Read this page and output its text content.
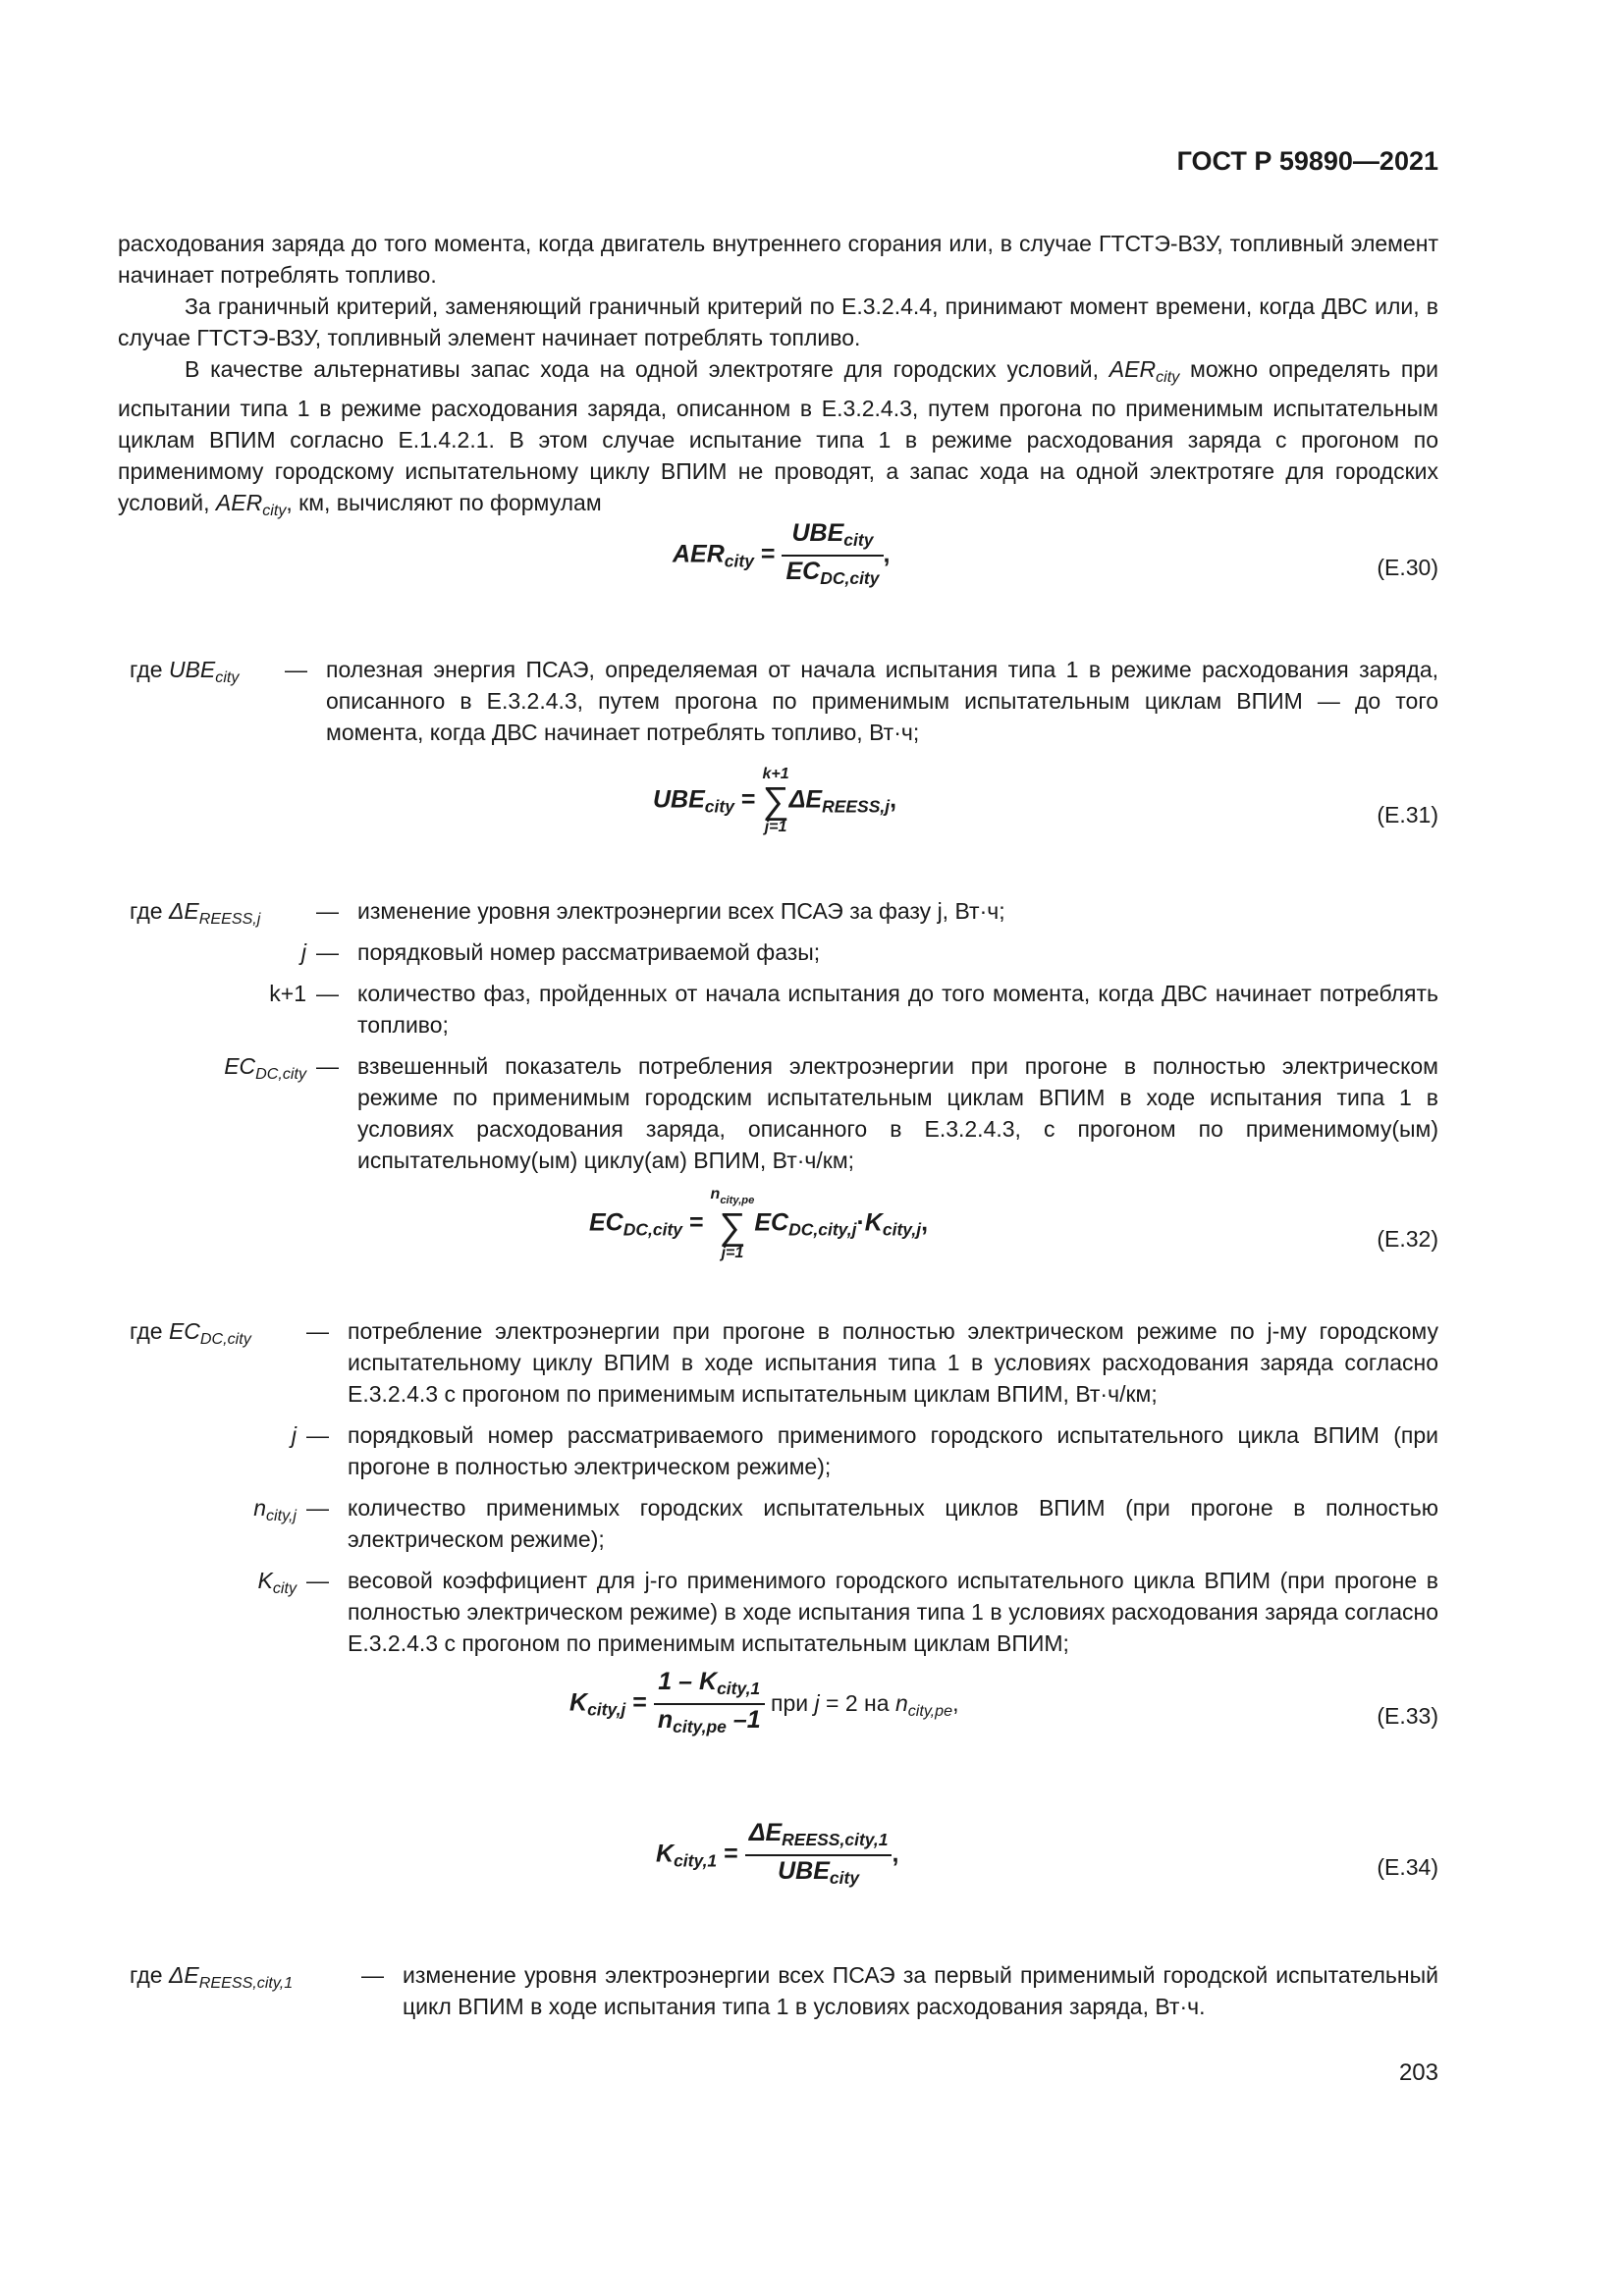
ГОСТ Р 59890—2021

расходования заряда до того момента, когда двигатель внутреннего сгорания или, в случае ГТСТЭ-ВЗУ, топливный элемент начинает потреблять топливо.

За граничный критерий, заменяющий граничный критерий по Е.3.2.4.4, принимают момент времени, когда ДВС или, в случае ГТСТЭ-ВЗУ, топливный элемент начинает потреблять топливо.

В качестве альтернативы запас хода на одной электротяге для городских условий, $AER_{city}$ можно определять при испытании типа 1 в режиме расходования заряда, описанном в Е.3.2.4.3, путем прогона по применимым испытательным циклам ВПИМ согласно Е.1.4.2.1. В этом случае испытание типа 1 в режиме расходования заряда с прогоном по применимому городскому испытательному циклу ВПИМ не проводят, а запас хода на одной электротяге для городских условий, $AER_{city}$, км, вычисляют по формулам

$AER_{city} = \frac{UBE_{city}}{EC_{DC,city}}$ ,	(Е.30)
где $UBE_{city}$ — полезная энергия ПСАЭ, определяемая от начала испытания типа 1 в режиме расходования заряда, описанного в Е.3.2.4.3, путем прогона по применимым испытательным циклам ВПИМ — до того момента, когда ДВС начинает потреблять топливо, Вт·ч;
$UBE_{city}$ =
k+1
∑
j=1
$\Delta E_{REESS,j}$,
(Е.31)
где $\Delta E_{REESS,j}$ — изменение уровня электроэнергии всех ПСАЭ за фазу j, Вт·ч;
j — порядковый номер рассматриваемой фазы;
k+1 — количество фаз, пройденных от начала испытания до того момента, когда ДВС начинает потреблять топливо;
$EC_{DC,city}$ — взвешенный показатель потребления электроэнергии при прогоне в полностью электрическом режиме по применимым городским испытательным циклам ВПИМ в ходе испытания типа 1 в условиях расходования заряда, описанного в Е.3.2.4.3, с прогоном по применимому(ым) испытательному(ым) циклу(ам) ВПИМ, Вт·ч/км;
$EC_{DC,city}$ =
$n_{city,pe}$
∑
j=1
$EC_{DC,city,j}\cdot K_{city,j}$,
(Е.32)
где $EC_{DC,city}$ — потребление электроэнергии при прогоне в полностью электрическом режиме по j-му городскому испытательному циклу ВПИМ в ходе испытания типа 1 в условиях расходования заряда согласно Е.3.2.4.3 с прогоном по применимым испытательным циклам ВПИМ, Вт·ч/км;
j — порядковый номер рассматриваемого применимого городского испытательного цикла ВПИМ (при прогоне в полностью электрическом режиме);
$n_{city,j}$ — количество применимых городских испытательных циклов ВПИМ (при прогоне в полностью электрическом режиме);
$K_{city}$ — весовой коэффициент для j-го применимого городского испытательного цикла ВПИМ (при прогоне в полностью электрическом режиме) в ходе испытания типа 1 в условиях расходования заряда согласно Е.3.2.4.3 с прогоном по применимым испытательным циклам ВПИМ;
$K_{city,j} = \frac{1 - K_{city,1}}{n_{city,pe} -1}$ при j = 2 на $n_{city,pe}$,
(Е.33)
$K_{city,1} = \frac{\Delta E_{REESS,city,1}}{UBE_{city}}$ ,	(Е.34)
где $\Delta E_{REESS,city,1}$	— изменение уровня электроэнергии всех ПСАЭ за первый применимый городской испытательный цикл ВПИМ в ходе испытания типа 1 в условиях расходования заряда, Вт·ч.
203
